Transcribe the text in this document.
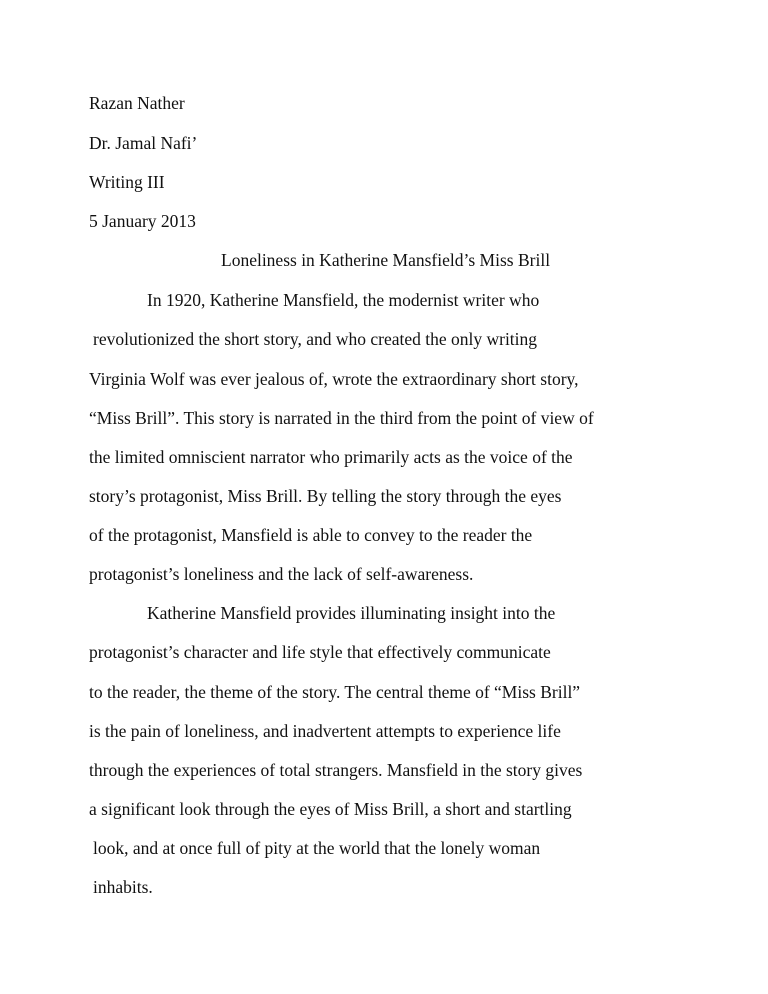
Razan Nather
Dr. Jamal Nafi’
Writing III
5 January 2013
Loneliness in Katherine Mansfield’s Miss Brill
In 1920, Katherine Mansfield, the modernist writer who
revolutionized the short story, and who created the only writing
Virginia Wolf was ever jealous of, wrote the extraordinary short story,
“Miss Brill”. This story is narrated in the third from the point of view of
the limited omniscient narrator who primarily acts as the voice of the
story’s protagonist, Miss Brill. By telling the story through the eyes
of the protagonist, Mansfield is able to convey to the reader the
protagonist’s loneliness and the lack of self-awareness.
Katherine Mansfield provides illuminating insight into the
protagonist’s character and life style that effectively communicate
to the reader, the theme of the story. The central theme of “Miss Brill”
is the pain of loneliness, and inadvertent attempts to experience life
through the experiences of total strangers. Mansfield in the story gives
a significant look through the eyes of Miss Brill, a short and startling
look, and at once full of pity at the world that the lonely woman
inhabits.
